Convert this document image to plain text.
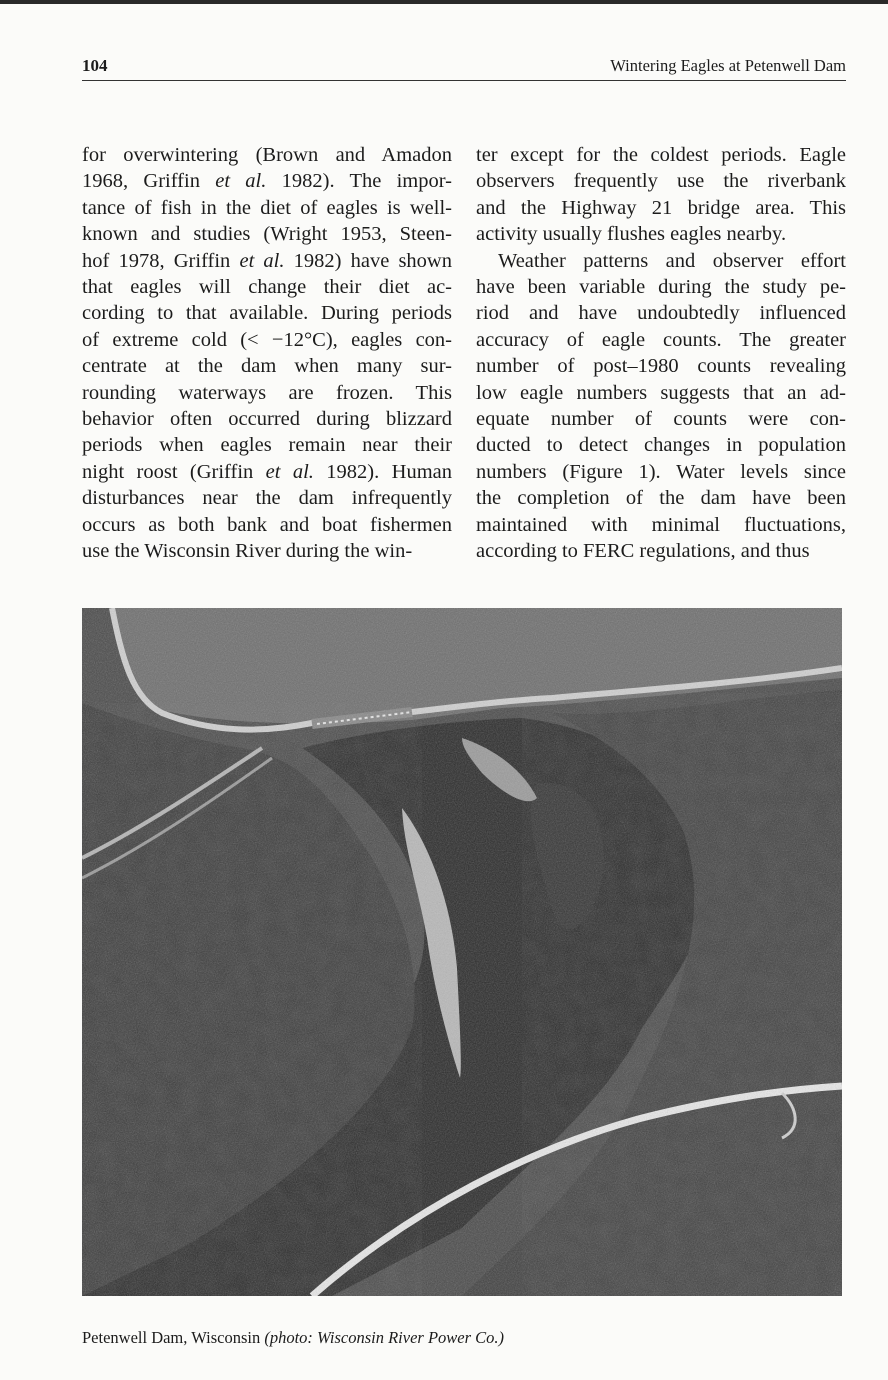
104	Wintering Eagles at Petenwell Dam
for overwintering (Brown and Amadon
1968, Griffin et al. 1982). The impor-
tance of fish in the diet of eagles is well-
known and studies (Wright 1953, Steen-
hof 1978, Griffin et al. 1982) have shown
that eagles will change their diet ac-
cording to that available. During periods
of extreme cold (< −12°C), eagles con-
centrate at the dam when many sur-
rounding waterways are frozen. This
behavior often occurred during blizzard
periods when eagles remain near their
night roost (Griffin et al. 1982). Human
disturbances near the dam infrequently
occurs as both bank and boat fishermen
use the Wisconsin River during the win-
ter except for the coldest periods. Eagle
observers frequently use the riverbank
and the Highway 21 bridge area. This
activity usually flushes eagles nearby.
Weather patterns and observer effort
have been variable during the study pe-
riod and have undoubtedly influenced
accuracy of eagle counts. The greater
number of post–1980 counts revealing
low eagle numbers suggests that an ad-
equate number of counts were con-
ducted to detect changes in population
numbers (Figure 1). Water levels since
the completion of the dam have been
maintained with minimal fluctuations,
according to FERC regulations, and thus
Petenwell Dam, Wisconsin (photo: Wisconsin River Power Co.)
